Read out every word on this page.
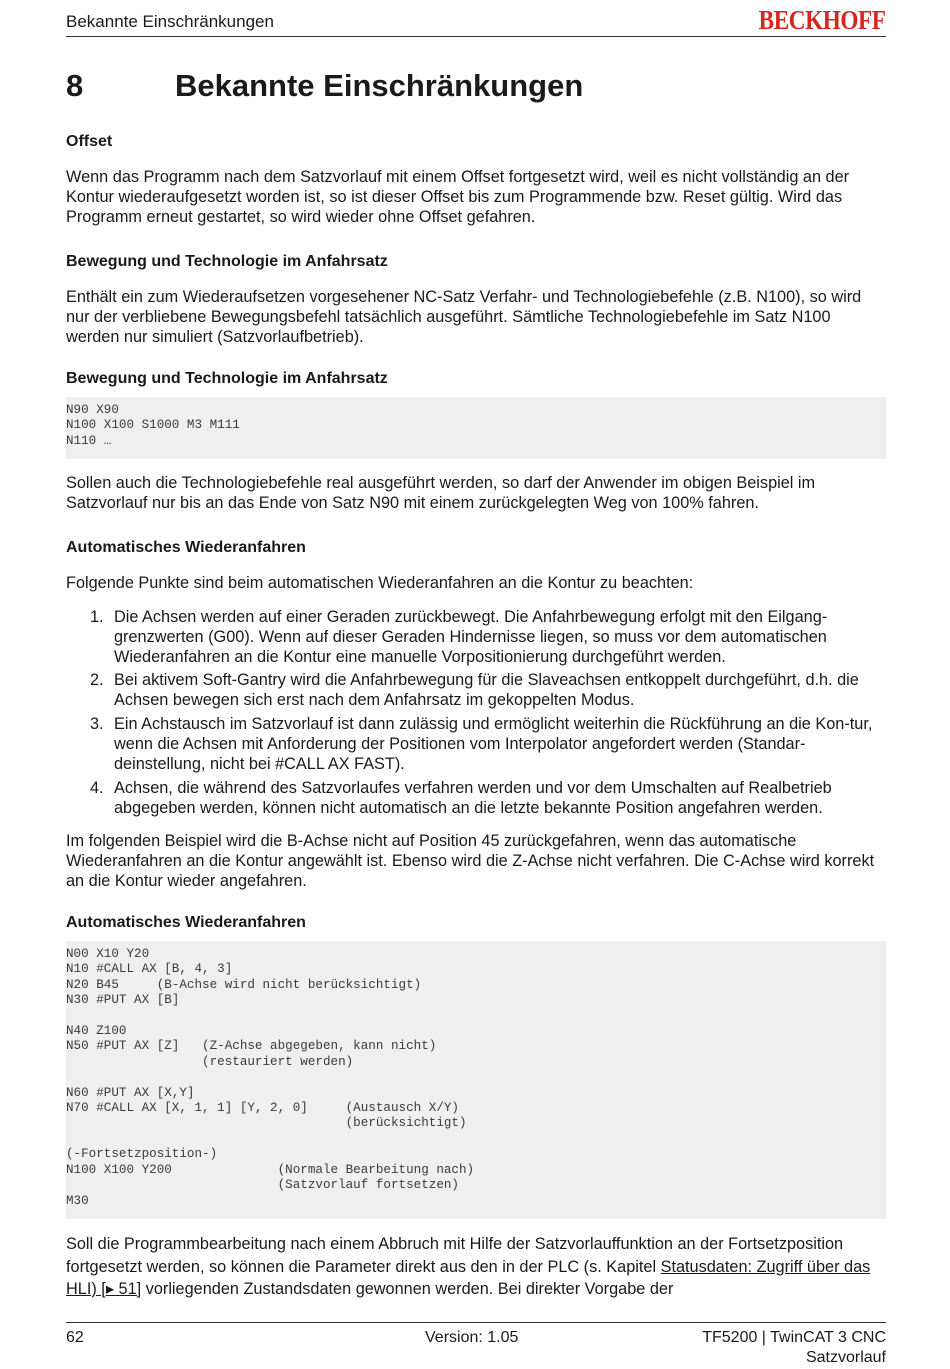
Bekannte Einschränkungen	BECKHOFF
8	Bekannte Einschränkungen
Offset
Wenn das Programm nach dem Satzvorlauf mit einem Offset fortgesetzt wird, weil es nicht vollständig an der Kontur wiederaufgesetzt worden ist, so ist dieser Offset bis zum Programmende bzw. Reset gültig. Wird das Programm erneut gestartet, so wird wieder ohne Offset gefahren.
Bewegung und Technologie im Anfahrsatz
Enthält ein zum Wiederaufsetzen vorgesehener NC-Satz Verfahr- und Technologiebefehle (z.B. N100), so wird nur der verbliebene Bewegungsbefehl tatsächlich ausgeführt. Sämtliche Technologiebefehle im Satz N100 werden nur simuliert (Satzvorlaufbetrieb).
Bewegung und Technologie im Anfahrsatz
N90 X90
N100 X100 S1000 M3 M111
N110 …
Sollen auch die Technologiebefehle real ausgeführt werden, so darf der Anwender im obigen Beispiel im Satzvorlauf nur bis an das Ende von Satz N90 mit einem zurückgelegten Weg von 100% fahren.
Automatisches Wiederanfahren
Folgende Punkte sind beim automatischen Wiederanfahren an die Kontur zu beachten:
1. Die Achsen werden auf einer Geraden zurückbewegt. Die Anfahrbewegung erfolgt mit den Eilgang-grenzwerten (G00). Wenn auf dieser Geraden Hindernisse liegen, so muss vor dem automatischen Wiederanfahren an die Kontur eine manuelle Vorpositionierung durchgeführt werden.
2. Bei aktivem Soft-Gantry wird die Anfahrbewegung für die Slaveachsen entkoppelt durchgeführt, d.h. die Achsen bewegen sich erst nach dem Anfahrsatz im gekoppelten Modus.
3. Ein Achstausch im Satzvorlauf ist dann zulässig und ermöglicht weiterhin die Rückführung an die Kon-tur, wenn die Achsen mit Anforderung der Positionen vom Interpolator angefordert werden (Standar-deinstellung, nicht bei #CALL AX FAST).
4. Achsen, die während des Satzvorlaufes verfahren werden und vor dem Umschalten auf Realbetrieb abgegeben werden, können nicht automatisch an die letzte bekannte Position angefahren werden.
Im folgenden Beispiel wird die B-Achse nicht auf Position 45 zurückgefahren, wenn das automatische Wiederanfahren an die Kontur angewählt ist. Ebenso wird die Z-Achse nicht verfahren. Die C-Achse wird korrekt an die Kontur wieder angefahren.
Automatisches Wiederanfahren
N00 X10 Y20
N10 #CALL AX [B, 4, 3]
N20 B45     (B-Achse wird nicht berücksichtigt)
N30 #PUT AX [B]

N40 Z100
N50 #PUT AX [Z]   (Z-Achse abgegeben, kann nicht)
(restauriert werden)

N60 #PUT AX [X,Y]
N70 #CALL AX [X, 1, 1] [Y, 2, 0]     (Austausch X/Y)
(berücksichtigt)

(-Fortsetzposition-)
N100 X100 Y200              (Normale Bearbeitung nach)
(Satzvorlauf fortsetzen)
M30
Soll die Programmbearbeitung nach einem Abbruch mit Hilfe der Satzvorlauffunktion an der Fortsetzposition fortgesetzt werden, so können die Parameter direkt aus den in der PLC (s. Kapitel Statusdaten: Zugriff über das HLI) [▸ 51] vorliegenden Zustandsdaten gewonnen werden. Bei direkter Vorgabe der
62	Version: 1.05	TF5200 | TwinCAT 3 CNC
Satzvorlauf
